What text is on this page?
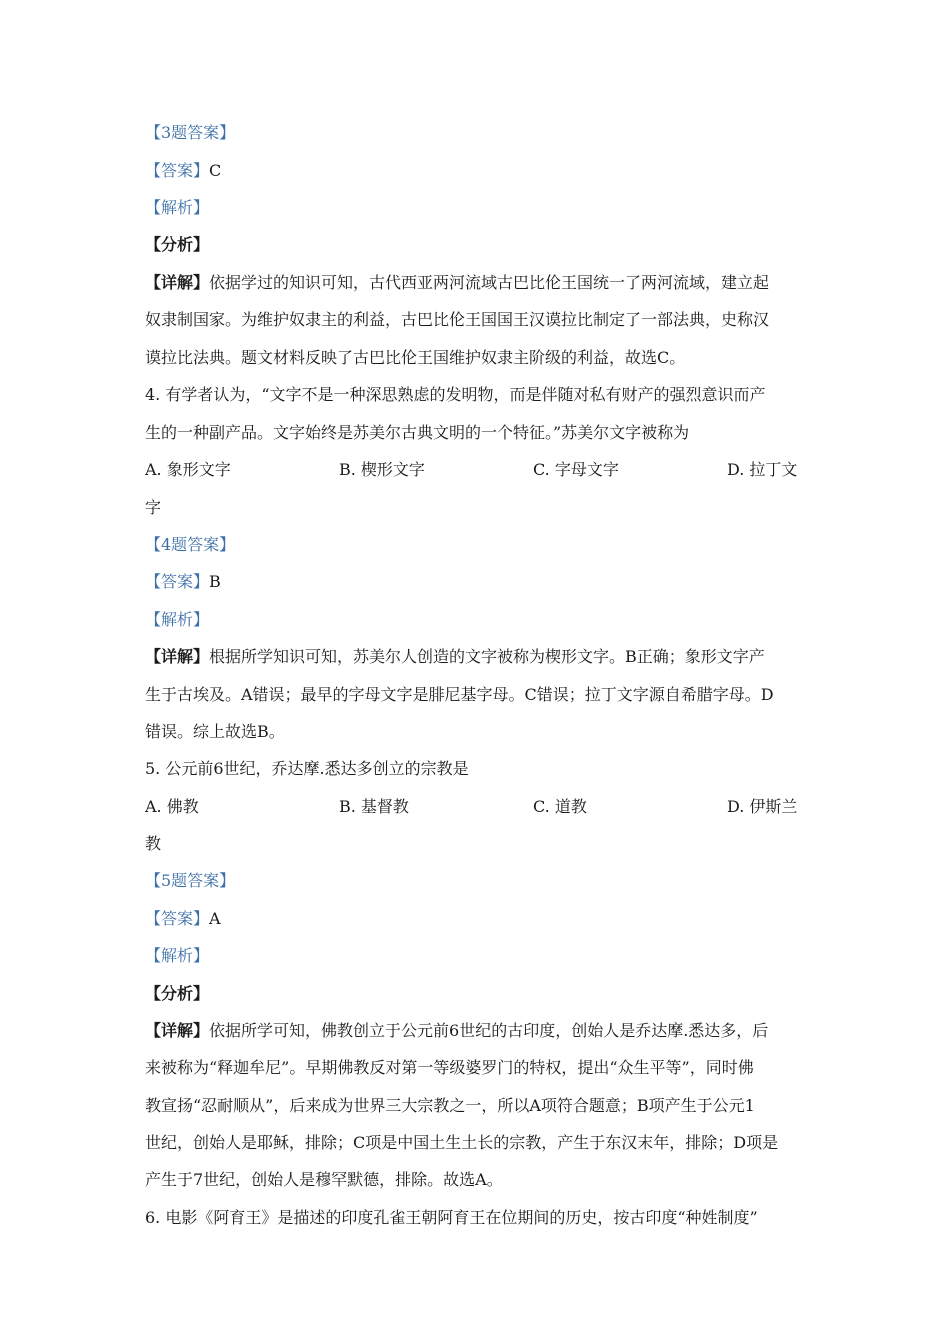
【3题答案】
【答案】C
【解析】
【分析】
【详解】依据学过的知识可知，古代西亚两河流域古巴比伦王国统一了两河流域，建立起
奴隶制国家。为维护奴隶主的利益，古巴比伦王国国王汉谟拉比制定了一部法典，史称汉
谟拉比法典。题文材料反映了古巴比伦王国维护奴隶主阶级的利益，故选C。
4. 有学者认为，“文字不是一种深思熟虑的发明物，而是伴随对私有财产的强烈意识而产
生的一种副产品。文字始终是苏美尔古典文明的一个特征。”苏美尔文字被称为
A. 象形文字	B. 楔形文字	C. 字母文字	D. 拉丁文
字
【4题答案】
【答案】B
【解析】
【详解】根据所学知识可知，苏美尔人创造的文字被称为楔形文字。B正确；象形文字产
生于古埃及。A错误；最早的字母文字是腓尼基字母。C错误；拉丁文字源自希腊字母。D
错误。综上故选B。
5. 公元前6世纪，乔达摩.悉达多创立的宗教是
A. 佛教	B. 基督教	C. 道教	D. 伊斯兰
教
【5题答案】
【答案】A
【解析】
【分析】
【详解】依据所学可知，佛教创立于公元前6世纪的古印度，创始人是乔达摩.悉达多，后
来被称为“释迦牟尼”。早期佛教反对第一等级婆罗门的特权，提出“众生平等”，同时佛
教宣扬“忍耐顺从”，后来成为世界三大宗教之一，所以A项符合题意；B项产生于公元1
世纪，创始人是耶稣，排除；C项是中国土生土长的宗教，产生于东汉末年，排除；D项是
产生于7世纪，创始人是穆罕默德，排除。故选A。
6. 电影《阿育王》是描述的印度孔雀王朝阿育王在位期间的历史，按古印度“种姓制度”
